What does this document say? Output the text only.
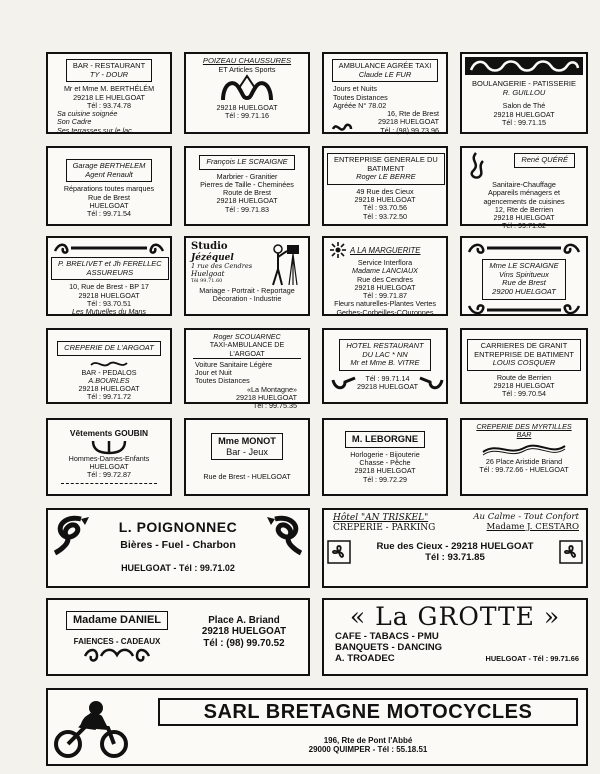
BAR - RESTAURANT
TY - DOUR
Mr et Mme M. BERTHÉLÉM
29218 LE HUELGOAT
Tél : 93.74.78
Sa cuisine soignée
Son Cadre
Ses terrasses sur le lac
POIZEAU CHAUSSURES
ET Articles Sports
29218 HUELGOAT
Tél : 99.71.16
AMBULANCE AGRÉE TAXI
Claude LE FUR
Jours et Nuits
Toutes Distances
Agréée N° 78.02
16, Rte de Brest
29218 HUELGOAT
Tél : (98) 99.73.96
BOULANGERIE - PATISSERIE
R. GUILLOU
Salon de Thé
29218 HUELGOAT
Tél : 99.71.15
Garage BERTHELEM
Agent Renault
Réparations toutes marques
Rue de Brest
HUELGOAT
Tél : 99.71.54
François LE SCRAIGNE
Marbrier - Granitier
Pierres de Taille - Cheminées
Route de Brest
29218 HUELGOAT
Tél : 99.71.83
ENTREPRISE GENERALE DU
BATIMENT
Roger LE BERRE
49 Rue des Cieux
29218 HUELGOAT
Tél : 93.70.56
Tél : 93.72.50
René QUÉRÉ
Sanitaire-Chauffage
Appareils ménagers et
agencements de cuisines
12, Rte de Berrien
29218 HUELGOAT
Tél : 99.71.82
P. BRELIVET et Jh FERELLEC
ASSUREURS
10, Rue de Brest - BP 17
29218 HUELGOAT
Tél : 93.70.51
Les Mutuelles du Mans
Studio
Jézéquel
1 rue des Cendres
Huelgoat
Tél 99.71.60
Mariage - Portrait - Reportage
Décoration - Industrie
A LA MARGUERITE
Service Interflora
Madame LANCIAUX
Rue des Cendres
29218 HUELGOAT
Tél : 99.71.87
Fleurs naturelles-Plantes Vertes
Gerbes-Corbeilles-COuronnes
Mme LE SCRAIGNE
Vins Spiritueux
Rue de Brest
29200 HUELGOAT
CREPERIE DE L'ARGOAT
BAR - PEDALOS
A.BOURLES
29218 HUELGOAT
Tél : 99.71.72
Roger SCOUARNEC
TAXI-AMBULANCE DE
L'ARGOAT
Voiture Sanitaire Légère
Jour et Nuit
Toutes Distances
«La Montagne»
29218 HUELGOAT
Tél : 99.75.35
HOTEL RESTAURANT
DU LAC * NN
Mr et Mme B. VITRE
Tél : 99.71.14
29218 HUELGOAT
CARRIERES DE GRANIT
ENTREPRISE DE BATIMENT
LOUIS COSQUER
Route de Berrien
29218 HUELGOAT
Tél : 99.70.54
Vêtements GOUBIN
Hommes-Dames-Enfants
HUELGOAT
Tél : 99.72.87
Mme MONOT
Bar - Jeux
Rue de Brest - HUELGOAT
M. LEBORGNE
Horlogerie - Bijouterie
Chasse - Pêche
29218 HUELGOAT
Tél : 99.72.29
CREPERIE DES MYRTILLES
BAR
26 Place Aristide Briand
Tél : 99.72.66 - HUELGOAT
L. POIGNONNEC
Bières - Fuel - Charbon
HUELGOAT - Tél : 99.71.02
Hôtel "AN TRISKEL"
CREPERIE - PARKING
Au Calme - Tout Confort
Madame J. CESTARO
Rue des Cieux - 29218 HUELGOAT
Tél : 93.71.85
Madame DANIEL
FAIENCES - CADEAUX
Place A. Briand
29218 HUELGOAT
Tél : (98) 99.70.52
« La GROTTE »
CAFE - TABACS - PMU
BANQUETS - DANCING
A. TROADEC	HUELGOAT - Tél : 99.71.66
SARL BRETAGNE MOTOCYCLES
196, Rte de Pont l'Abbé
29000 QUIMPER - Tél : 55.18.51
